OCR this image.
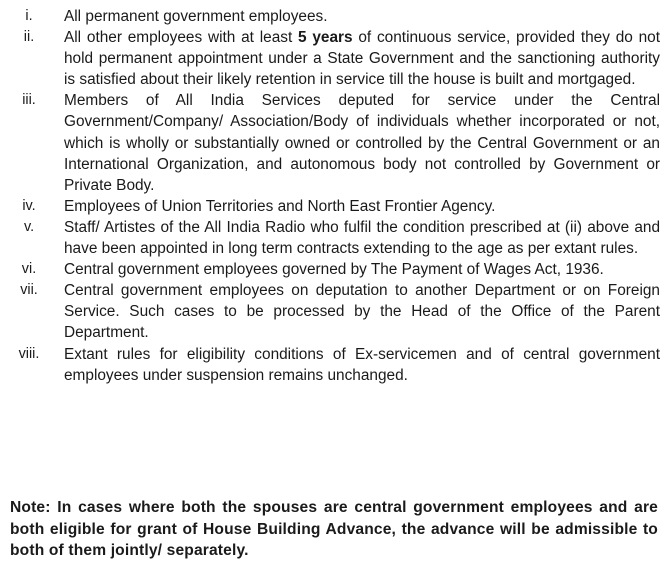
i.	All permanent government employees.
ii.	All other employees with at least 5 years of continuous service, provided they do not hold permanent appointment under a State Government and the sanctioning authority is satisfied about their likely retention in service till the house is built and mortgaged.
iii.	Members of All India Services deputed for service under the Central Government/Company/ Association/Body of individuals whether incorporated or not, which is wholly or substantially owned or controlled by the Central Government or an International Organization, and autonomous body not controlled by Government or Private Body.
iv.	Employees of Union Territories and North East Frontier Agency.
v.	Staff/ Artistes of the All India Radio who fulfil the condition prescribed at (ii) above and have been appointed in long term contracts extending to the age as per extant rules.
vi.	Central government employees governed by The Payment of Wages Act, 1936.
vii.	Central government employees on deputation to another Department or on Foreign Service. Such cases to be processed by the Head of the Office of the Parent Department.
viii. Extant rules for eligibility conditions of Ex-servicemen and of central government employees under suspension remains unchanged.

Note: In cases where both the spouses are central government employees and are both eligible for grant of House Building Advance, the advance will be admissible to both of them jointly/ separately.
